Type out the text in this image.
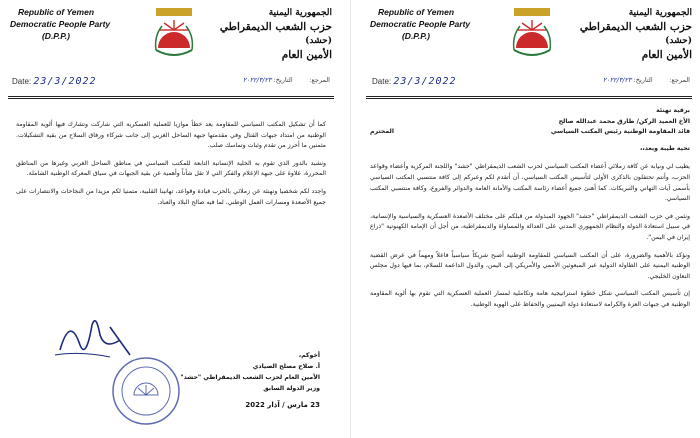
Republic of Yemen
Democratic People Party
(D.P.P.)
الجمهورية اليمنية
حزب الشعب الديمقراطي
(حشد)
الأمين العام
Date: 23/3/2022	المرجع:        التاريخ: ٢٠٢٢/٣/٢٣

كما أن تشكيل المكتب السياسي للمقاومة يعد خطأ موازيا للعملية العسكرية التي شاركت وتشارك فيها ألوية المقاومة الوطنية من امتداد جبهات القتال وفي مقدمتها جبهة الساحل الغربي إلى جانب شركاء ورفاق السلاح من بقية التشكيلات. مثمنين ما أحرز من تقدم وثبات وتماسك صلب.

ونشيد بالدور الذي تقوم به الخلية الإنسانية التابعة للمكتب السياسي في مناطق الساحل الغربي وغيرها من المناطق المحررة، علاوة على جبهة الإعلام والفكر التي لا تقل شأناً وأهمية عن بقية الجبهات في سياق المعركة الوطنية الشاملة.

واجدد لكم شخصيا وتهنئة عن زملائي بالحزب قيادة وقواعد، تهانينا القلبية، متمنيا لكم مزيدا من النجاحات والانتصارات على جميع الأصعدة ومسارات العمل الوطني، لما فيه صالح البلاد والعباد.

أخوكم،
أ. صلاح مصلح الصيادي
الأمين العام لحزب الشعب الديمقراطي "حشد"
وزير الدولة السابق
23 مارس / آذار 2022
Republic of Yemen
Democratic People Party
(D.P.P.)
الجمهورية اليمنية
حزب الشعب الديمقراطي
(حشد)
الأمين العام
Date: 23/3/2022	المرجع:        التاريخ: ٢٠٢٢/٣/٢٣
برقية تهنئة
الأخ العميد الركن/ طارق محمد عبدالله صالح
قائد المقاومة الوطنية رئيس المكتب السياسي
المحترم
تحية طيبة وبعد،،

يطيب لي ونيابة عن كافة زملائي أعضاء المكتب السياسي لحزب الشعب الديمقراطي "حشد" واللجنة المركزية وأعضاء وقواعد الحزب، وأنتم تحتفلون بالذكرى الأولى لتأسيس المكتب السياسي، أن أتقدم لكم وعبركم إلى كافة منتسبي المكتب السياسي بأسمى آيات التهاني والتبريكات. كما أهنئ جميع أعضاء رئاسة المكتب والأمانة العامة والدوائر والفروع، وكافة منتسبي المكتب السياسي.

ونثمن في حزب الشعب الديمقراطي "حشد" الجهود المبذولة من قبلكم على مختلف الأصعدة العسكرية والسياسية والإنسانية، في سبيل استعادة الدولة والنظام الجمهوري المدني على العدالة والمساواة والديمقراطية، من أجل أن الإمامة الكهنوتية "ذراع إيران في اليمن".

ونؤكد بالأهمية والضرورة، على أن المكتب السياسي للمقاومة الوطنية أصبح شريكاً سياسياً فاعلاً ومهماً في عرض القضية الوطنية اليمنية على الطاولة الدولية عبر المبعوثين الأممي والأمريكي إلى اليمن، والدول الداعمة للسلام، بما فيها دول مجلس التعاون الخليجي.

إن تأسيس المكتب السياسي شكل خطوة استراتيجية هامة وتكاملية لمسار العملية العسكرية التي تقوم بها ألوية المقاومة الوطنية في جبهات العزة والكرامة لاستعادة دولة اليمنيين والحفاظ على الهوية الوطنية.
